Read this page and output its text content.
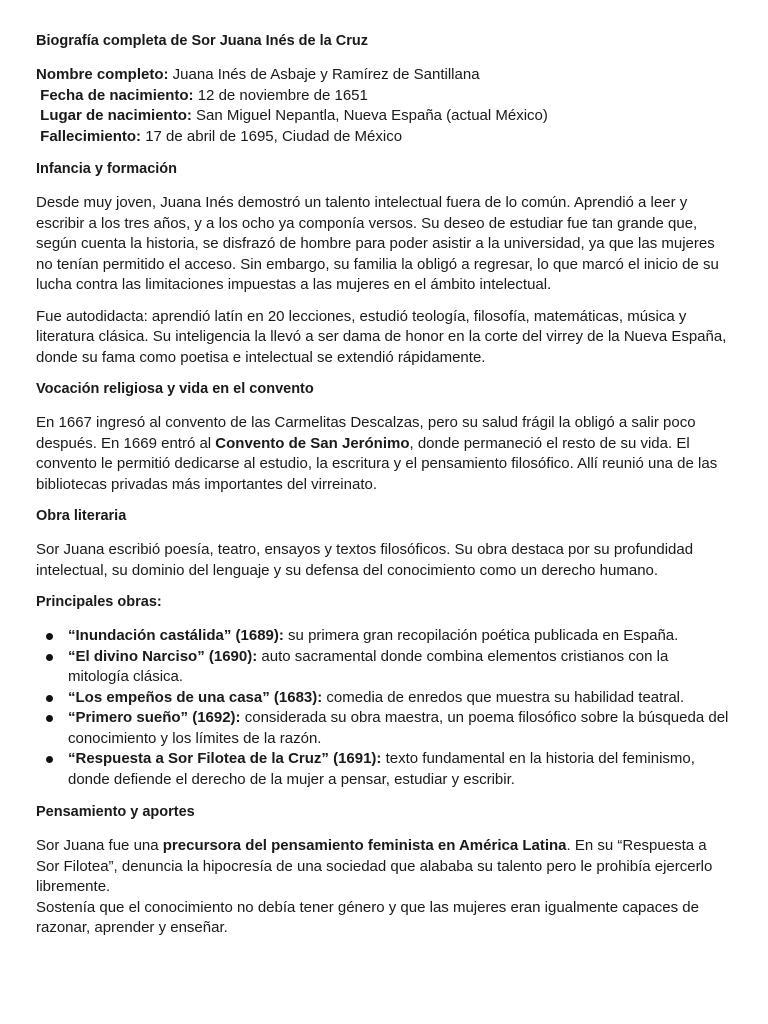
Biografía completa de Sor Juana Inés de la Cruz
Nombre completo: Juana Inés de Asbaje y Ramírez de Santillana
Fecha de nacimiento: 12 de noviembre de 1651
Lugar de nacimiento: San Miguel Nepantla, Nueva España (actual México)
Fallecimiento: 17 de abril de 1695, Ciudad de México
Infancia y formación

Desde muy joven, Juana Inés demostró un talento intelectual fuera de lo común. Aprendió a leer y escribir a los tres años, y a los ocho ya componía versos. Su deseo de estudiar fue tan grande que, según cuenta la historia, se disfrazó de hombre para poder asistir a la universidad, ya que las mujeres no tenían permitido el acceso. Sin embargo, su familia la obligó a regresar, lo que marcó el inicio de su lucha contra las limitaciones impuestas a las mujeres en el ámbito intelectual.

Fue autodidacta: aprendió latín en 20 lecciones, estudió teología, filosofía, matemáticas, música y literatura clásica. Su inteligencia la llevó a ser dama de honor en la corte del virrey de la Nueva España, donde su fama como poetisa e intelectual se extendió rápidamente.

Vocación religiosa y vida en el convento

En 1667 ingresó al convento de las Carmelitas Descalzas, pero su salud frágil la obligó a salir poco después. En 1669 entró al Convento de San Jerónimo, donde permaneció el resto de su vida. El convento le permitió dedicarse al estudio, la escritura y el pensamiento filosófico. Allí reunió una de las bibliotecas privadas más importantes del virreinato.

Obra literaria

Sor Juana escribió poesía, teatro, ensayos y textos filosóficos. Su obra destaca por su profundidad intelectual, su dominio del lenguaje y su defensa del conocimiento como un derecho humano.

Principales obras:
“Inundación castálida” (1689): su primera gran recopilación poética publicada en España.
“El divino Narciso” (1690): auto sacramental donde combina elementos cristianos con la mitología clásica.
“Los empeños de una casa” (1683): comedia de enredos que muestra su habilidad teatral.
“Primero sueño” (1692): considerada su obra maestra, un poema filosófico sobre la búsqueda del conocimiento y los límites de la razón.
“Respuesta a Sor Filotea de la Cruz” (1691): texto fundamental en la historia del feminismo, donde defiende el derecho de la mujer a pensar, estudiar y escribir.
Pensamiento y aportes

Sor Juana fue una precursora del pensamiento feminista en América Latina. En su “Respuesta a Sor Filotea”, denuncia la hipocresía de una sociedad que alababa su talento pero le prohibía ejercerlo libremente.
Sostenía que el conocimiento no debía tener género y que las mujeres eran igualmente capaces de razonar, aprender y enseñar.
